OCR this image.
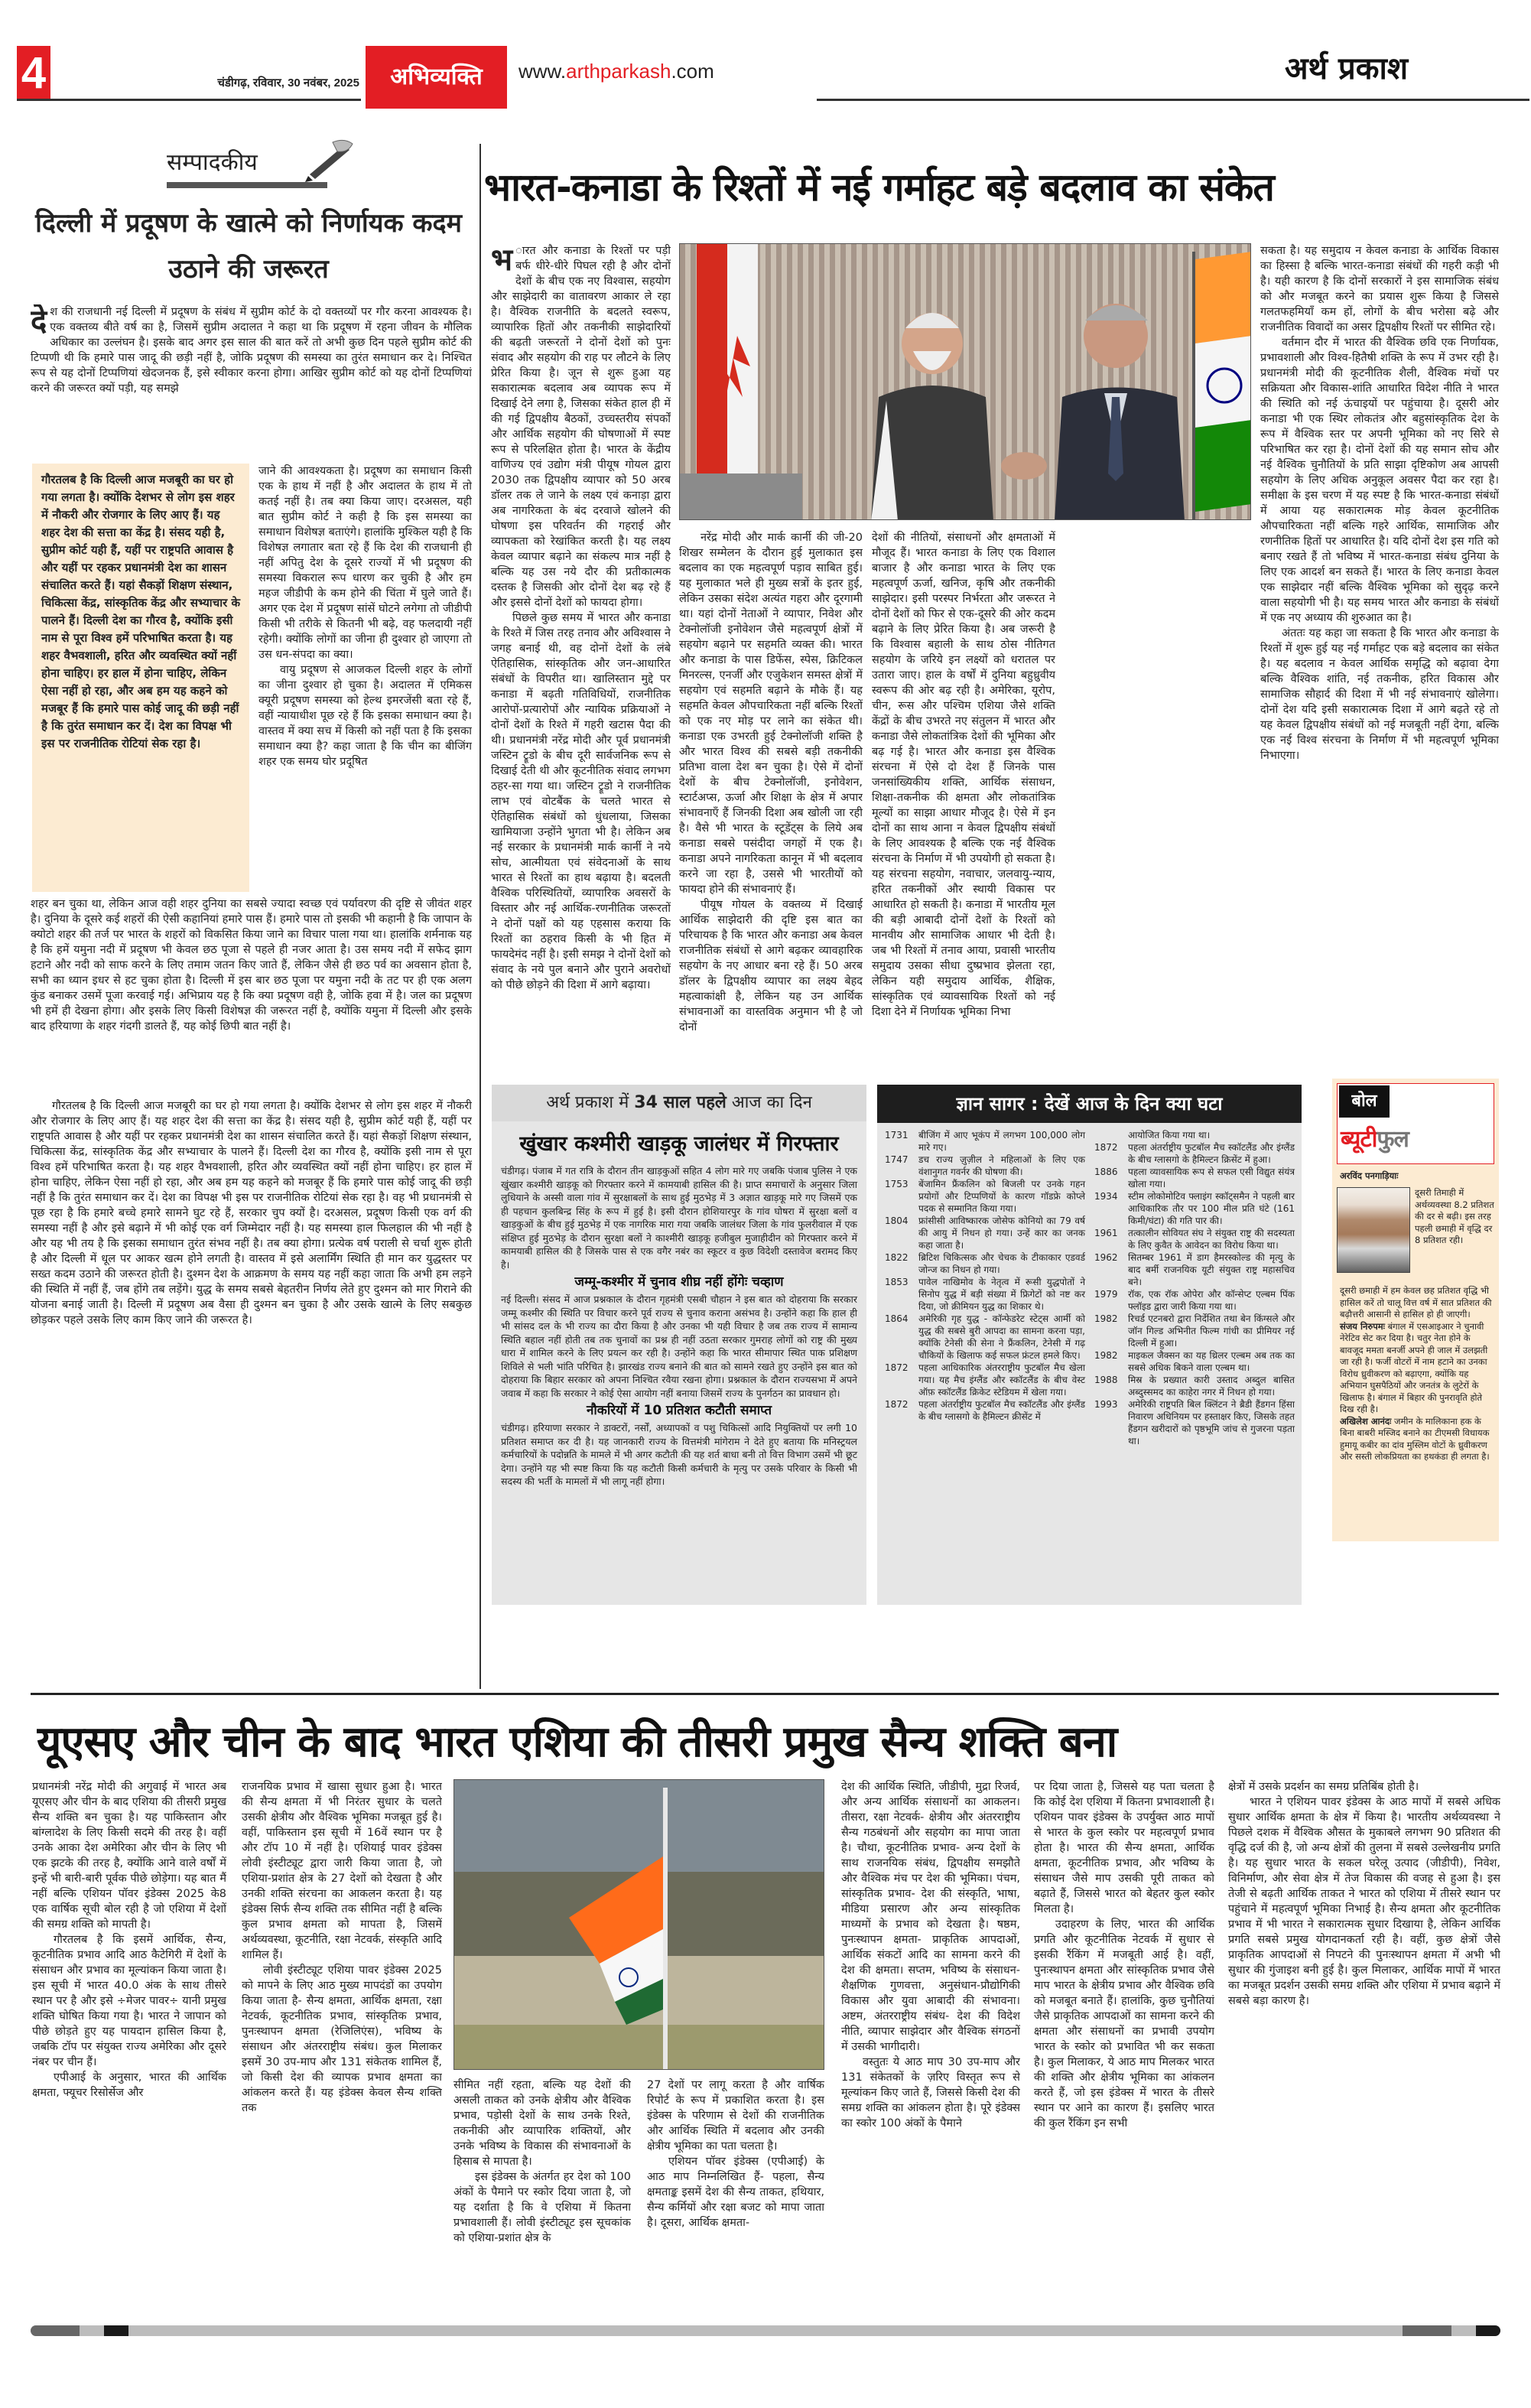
4	चंडीगढ़, रविवार, 30 नवंबर, 2025	अभिव्यक्ति	www.arthparkash.com	अर्थ प्रकाश
सम्पादकीय
दिल्ली में प्रदूषण के खात्मे को निर्णायक कदम उठाने की जरूरत
देश की राजधानी नई दिल्ली में प्रदूषण के संबंध में सुप्रीम कोर्ट के दो वक्तव्यों पर गौर करना आवश्यक है। एक वक्तव्य बीते वर्ष का है, जिसमें सुप्रीम अदालत ने कहा था कि प्रदूषण में रहना जीवन के मौलिक अधिकार का उल्लंघन है। इसके बाद अगर इस साल की बात करें तो अभी कुछ दिन पहले सुप्रीम कोर्ट की टिप्पणी थी कि हमारे पास जादू की छड़ी नहीं है, जोकि प्रदूषण की समस्या का तुरंत समाधान कर दे। निश्चित रूप से यह दोनों टिप्पणियां खेदजनक हैं, इसे स्वीकार करना होगा। आखिर सुप्रीम कोर्ट को यह दोनों टिप्पणियां करने की जरूरत क्यों पड़ी, यह समझे
गौरतलब है कि दिल्ली आज मजबूरी का घर हो गया लगता है। क्योंकि देशभर से लोग इस शहर में नौकरी और रोजगार के लिए आए हैं। यह शहर देश की सत्ता का केंद्र है। संसद यही है, सुप्रीम कोर्ट यही हैं, यहीं पर राष्ट्रपति आवास है और यहीं पर रहकर प्रधानमंत्री देश का शासन संचालित करते हैं। यहां सैकड़ों शिक्षण संस्थान, चिकित्सा केंद्र, सांस्कृतिक केंद्र और सभ्याचार के पालने हैं। दिल्ली देश का गौरव है, क्योंकि इसी नाम से पूरा विश्व हमें परिभाषित करता है। यह शहर वैभवशाली, हरित और व्यवस्थित क्यों नहीं होना चाहिए। हर हाल में होना चाहिए, लेकिन ऐसा नहीं हो रहा, और अब हम यह कहने को मजबूर हैं कि हमारे पास कोई जादू की छड़ी नहीं है कि तुरंत समाधान कर दें। देश का विपक्ष भी इस पर राजनीतिक रोटियां सेक रहा है।

जाने की आवश्यकता है। प्रदूषण का समाधान किसी एक के हाथ में नहीं है और अदालत के हाथ में तो कतई नहीं है। तब क्या किया जाए। दरअसल, यही बात सुप्रीम कोर्ट ने कही है कि इस समस्या का समाधान विशेषज्ञ बताएंगे। हालांकि मुश्किल यही है कि विशेषज्ञ लगातार बता रहे हैं कि देश की राजधानी ही नहीं अपितु देश के दूसरे राज्यों में भी प्रदूषण की समस्या विकराल रूप धारण कर चुकी है और हम महज जीडीपी के कम होने की चिंता में घुले जाते हैं। अगर एक देश में प्रदूषण सांसें घोटने लगेगा तो जीडीपी किसी भी तरीके से कितनी भी बढ़े, वह फलदायी नहीं रहेगी। क्योंकि लोगों का जीना ही दुश्वार हो जाएगा तो उस धन-संपदा का क्या।

वायु प्रदूषण से आजकल दिल्ली शहर के लोगों का जीना दुश्वार हो चुका है। अदालत में एमिकस क्यूरी प्रदूषण समस्या को हेल्थ इमरजेंसी बता रहे हैं, वहीं न्यायाधीश पूछ रहे हैं कि इसका समाधान क्या है। वास्तव में क्या सच में किसी को नहीं पता है कि इसका समाधान क्या है? कहा जाता है कि चीन का बीजिंग शहर एक समय घोर प्रदूषित

शहर बन चुका था, लेकिन आज वही शहर दुनिया का सबसे ज्यादा स्वच्छ एवं पर्यावरण की दृष्टि से जीवंत शहर है। दुनिया के दूसरे कई शहरों की ऐसी कहानियां हमारे पास हैं। हमारे पास तो इसकी भी कहानी है कि जापान के क्योटो शहर की तर्ज पर भारत के शहरों को विकसित किया जाने का विचार पाला गया था। हालांकि शर्मनाक यह है कि हमें यमुना नदी में प्रदूषण भी केवल छठ पूजा से पहले ही नजर आता है। उस समय नदी में सफेद झाग हटाने और नदी को साफ करने के लिए तमाम जतन किए जाते हैं, लेकिन जैसे ही छठ पर्व का अवसान होता है, सभी का ध्यान इधर से हट चुका होता है। दिल्ली में इस बार छठ पूजा पर यमुना नदी के तट पर ही एक अलग कुंड बनाकर उसमें पूजा करवाई गई। अभिप्राय यह है कि क्या प्रदूषण वही है, जोकि हवा में है। जल का प्रदूषण भी हमें ही देखना होगा। और इसके लिए किसी विशेषज्ञ की जरूरत नहीं है, क्योंकि यमुना में दिल्ली और इसके बाद हरियाणा के शहर गंदगी डालते हैं, यह कोई छिपी बात नहीं है।

गौरतलब है कि दिल्ली आज मजबूरी का घर हो गया लगता है। क्योंकि देशभर से लोग इस शहर में नौकरी और रोजगार के लिए आए हैं। यह शहर देश की सत्ता का केंद्र है। संसद यही है, सुप्रीम कोर्ट यही हैं, यहीं पर राष्ट्रपति आवास है और यहीं पर रहकर प्रधानमंत्री देश का शासन संचालित करते हैं। यहां सैकड़ों शिक्षण संस्थान, चिकित्सा केंद्र, सांस्कृतिक केंद्र और सभ्याचार के पालने हैं। दिल्ली देश का गौरव है, क्योंकि इसी नाम से पूरा विश्व हमें परिभाषित करता है। यह शहर वैभवशाली, हरित और व्यवस्थित क्यों नहीं होना चाहिए। हर हाल में होना चाहिए, लेकिन ऐसा नहीं हो रहा, और अब हम यह कहने को मजबूर हैं कि हमारे पास कोई जादू की छड़ी नहीं है कि तुरंत समाधान कर दें। देश का विपक्ष भी इस पर राजनीतिक रोटियां सेक रहा है। वह भी प्रधानमंत्री से पूछ रहा है कि हमारे बच्चे हमारे सामने घुट रहे हैं, सरकार चुप क्यों है। दरअसल, प्रदूषण किसी एक वर्ग की समस्या नहीं है और इसे बढ़ाने में भी कोई एक वर्ग जिम्मेदार नहीं है। यह समस्या हाल फिलहाल की भी नहीं है और यह भी तय है कि इसका समाधान तुरंत संभव नहीं है। तब क्या होगा। प्रत्येक वर्ष पराली से चर्चा शुरू होती है और दिल्ली में धूल पर आकर खत्म होने लगती है। वास्तव में इसे अलार्मिंग स्थिति ही मान कर युद्धस्तर पर सख्त कदम उठाने की जरूरत होती है। दुश्मन देश के आक्रमण के समय यह नहीं कहा जाता कि अभी हम लड़ने की स्थिति में नहीं हैं, जब होंगे तब लड़ेंगे। युद्ध के समय सबसे बेहतरीन निर्णय लेते हुए दुश्मन को मार गिराने की योजना बनाई जाती है। दिल्ली में प्रदूषण अब वैसा ही दुश्मन बन चुका है और उसके खात्मे के लिए सबकुछ छोड़कर पहले उसके लिए काम किए जाने की जरूरत है।

भारत-कनाडा के रिश्तों में नई गर्माहट बड़े बदलाव का संकेत

भ ारत और कनाडा के रिश्तों पर पड़ी बर्फ धीरे-धीरे पिघल रही है और दोनों देशों के बीच एक नए विश्वास, सहयोग और साझेदारी का वातावरण आकार ले रहा है। वैश्विक राजनीति के बदलते स्वरूप, व्यापारिक हितों और तकनीकी साझेदारियों की बढ़ती जरूरतों ने दोनों देशों को पुनः संवाद और सहयोग की राह पर लौटने के लिए प्रेरित किया है। जून से शुरू हुआ यह सकारात्मक बदलाव अब व्यापक रूप में दिखाई देने लगा है, जिसका संकेत हाल ही में की गई द्विपक्षीय बैठकों, उच्चस्तरीय संपर्कों और आर्थिक सहयोग की घोषणाओं में स्पष्ट रूप से परिलक्षित होता है। भारत के केंद्रीय वाणिज्य एवं उद्योग मंत्री पीयूष गोयल द्वारा 2030 तक द्विपक्षीय व्यापार को 50 अरब डॉलर तक ले जाने के लक्ष्य एवं कनाड़ा द्वारा अब नागरिकता के बंद दरवाजे खोलने की घोषणा इस परिवर्तन की गहराई और व्यापकता को रेखांकित करती है। यह लक्ष्य केवल व्यापार बढ़ाने का संकल्प मात्र नहीं है बल्कि यह उस नये दौर की प्रतीकात्मक दस्तक है जिसकी ओर दोनों देश बढ़ रहे हैं और इससे दोनों देशों को फायदा होगा।

पिछले कुछ समय में भारत और कनाडा के रिश्ते में जिस तरह तनाव और अविश्वास ने जगह बनाई थी, वह दोनों देशों के लंबे ऐतिहासिक, सांस्कृतिक और जन-आधारित संबंधों के विपरीत था। खालिस्तान मुद्दे पर कनाडा में बढ़ती गतिविधियों, राजनीतिक आरोपों-प्रत्यारोपों और न्यायिक प्रक्रियाओं ने दोनों देशों के रिश्ते में गहरी खटास पैदा की थी। प्रधानमंत्री नरेंद्र मोदी और पूर्व प्रधानमंत्री जस्टिन ट्रूडो के बीच दूरी सार्वजनिक रूप से दिखाई देती थी और कूटनीतिक संवाद लगभग ठहर-सा गया था। जस्टिन ट्रूडो ने राजनीतिक लाभ एवं वोटबैंक के चलते भारत से ऐतिहासिक संबंधों को धुंधलाया, जिसका खामियाजा उन्होंने भुगता भी है। लेकिन अब नई सरकार के प्रधानमंत्री मार्क कार्नी ने नये सोच, आत्मीयता एवं संवेदनाओं के साथ भारत से रिश्तों का हाथ बढ़ाया है। बदलती वैश्विक परिस्थितियों, व्यापारिक अवसरों के विस्तार और नई आर्थिक-रणनीतिक जरूरतों ने दोनों पक्षों को यह एहसास कराया कि रिश्तों का ठहराव किसी के भी हित में फायदेमंद नहीं है। इसी समझ ने दोनों देशों को संवाद के नये पुल बनाने और पुराने अवरोधों को पीछे छोड़ने की दिशा में आगे बढ़ाया।

नरेंद्र मोदी और मार्क कार्नी की जी-20 शिखर सम्मेलन के दौरान हुई मुलाकात इस बदलाव का एक महत्वपूर्ण पड़ाव साबित हुई। यह मुलाकात भले ही मुख्य सत्रों के इतर हुई, लेकिन उसका संदेश अत्यंत गहरा और दूरगामी था। यहां दोनों नेताओं ने व्यापार, निवेश और टेक्नोलॉजी इनोवेशन जैसे महत्वपूर्ण क्षेत्रों में सहयोग बढ़ाने पर सहमति व्यक्त की। भारत और कनाडा के पास डिफेंस, स्पेस, क्रिटिकल मिनरल्स, एनर्जी और एजुकेशन समस्त क्षेत्रों में सहयोग एवं सहमति बढ़ाने के मौके हैं। यह सहमति केवल औपचारिकता नहीं बल्कि रिश्तों को एक नए मोड़ पर लाने का संकेत थी। कनाडा एक उभरती हुई टेक्नोलॉजी शक्ति है और भारत विश्व की सबसे बड़ी तकनीकी प्रतिभा वाला देश बन चुका है। ऐसे में दोनों देशों के बीच टेक्नोलॉजी, इनोवेशन, स्टार्टअप्स, ऊर्जा और शिक्षा के क्षेत्र में अपार संभावनाएँ हैं जिनकी दिशा अब खोली जा रही है। वैसे भी भारत के स्टूडेंट्स के लिये अब कनाडा सबसे पसंदीदा जगहों में एक है। कनाडा अपने नागरिकता कानून में भी बदलाव करने जा रहा है, उससे भी भारतीयों को फायदा होने की संभावनाएं हैं।

पीयूष गोयल के वक्तव्य में दिखाई आर्थिक साझेदारी की दृष्टि इस बात का परिचायक है कि भारत और कनाडा अब केवल राजनीतिक संबंधों से आगे बढ़कर व्यावहारिक सहयोग के नए आधार बना रहे हैं। 50 अरब डॉलर के द्विपक्षीय व्यापार का लक्ष्य बेहद महत्वाकांक्षी है, लेकिन यह उन आर्थिक संभावनाओं का वास्तविक अनुमान भी है जो दोनों

देशों की नीतियों, संसाधनों और क्षमताओं में मौजूद हैं। भारत कनाडा के लिए एक विशाल बाजार है और कनाडा भारत के लिए एक महत्वपूर्ण ऊर्जा, खनिज, कृषि और तकनीकी साझेदार। इसी परस्पर निर्भरता और जरूरत ने दोनों देशों को फिर से एक-दूसरे की ओर कदम बढ़ाने के लिए प्रेरित किया है। अब जरूरी है कि विश्वास बहाली के साथ ठोस नीतिगत सहयोग के जरिये इन लक्ष्यों को धरातल पर उतारा जाए। हाल के वर्षों में दुनिया बहुध्रुवीय स्वरूप की ओर बढ़ रही है। अमेरिका, यूरोप, चीन, रूस और पश्चिम एशिया जैसे शक्ति केंद्रों के बीच उभरते नए संतुलन में भारत और कनाडा जैसे लोकतांत्रिक देशों की भूमिका और बढ़ गई है। भारत और कनाडा इस वैश्विक संरचना में ऐसे दो देश हैं जिनके पास जनसांख्यिकीय शक्ति, आर्थिक संसाधन, शिक्षा-तकनीक की क्षमता और लोकतांत्रिक मूल्यों का साझा आधार मौजूद है। ऐसे में इन दोनों का साथ आना न केवल द्विपक्षीय संबंधों के लिए आवश्यक है बल्कि एक नई वैश्विक संरचना के निर्माण में भी उपयोगी हो सकता है। यह संरचना सहयोग, नवाचार, जलवायु-न्याय, हरित तकनीकों और स्थायी विकास पर आधारित हो सकती है। कनाडा में भारतीय मूल की बड़ी आबादी दोनों देशों के रिश्तों को मानवीय और सामाजिक आधार भी देती है। जब भी रिश्तों में तनाव आया, प्रवासी भारतीय समुदाय उसका सीधा दुष्प्रभाव झेलता रहा, लेकिन यही समुदाय आर्थिक, शैक्षिक, सांस्कृतिक एवं व्यावसायिक रिश्तों को नई दिशा देने में निर्णायक भूमिका निभा

सकता है। यह समुदाय न केवल कनाडा के आर्थिक विकास का हिस्सा है बल्कि भारत-कनाडा संबंधों की गहरी कड़ी भी है। यही कारण है कि दोनों सरकारों ने इस सामाजिक संबंध को और मजबूत करने का प्रयास शुरू किया है जिससे गलतफहमियाँ कम हों, लोगों के बीच भरोसा बढ़े और राजनीतिक विवादों का असर द्विपक्षीय रिश्तों पर सीमित रहे।

वर्तमान दौर में भारत की वैश्विक छवि एक निर्णायक, प्रभावशाली और विश्व-हितैषी शक्ति के रूप में उभर रही है। प्रधानमंत्री मोदी की कूटनीतिक शैली, वैश्विक मंचों पर सक्रियता और विकास-शांति आधारित विदेश नीति ने भारत की स्थिति को नई ऊंचाइयों पर पहुंचाया है। दूसरी ओर कनाडा भी एक स्थिर लोकतंत्र और बहुसांस्कृतिक देश के रूप में वैश्विक स्तर पर अपनी भूमिका को नए सिरे से परिभाषित कर रहा है। दोनों देशों की यह समान सोच और नई वैश्विक चुनौतियों के प्रति साझा दृष्टिकोण अब आपसी सहयोग के लिए अधिक अनुकूल अवसर पैदा कर रहा है। समीक्षा के इस चरण में यह स्पष्ट है कि भारत-कनाडा संबंधों में आया यह सकारात्मक मोड़ केवल कूटनीतिक औपचारिकता नहीं बल्कि गहरे आर्थिक, सामाजिक और रणनीतिक हितों पर आधारित है। यदि दोनों देश इस गति को बनाए रखते हैं तो भविष्य में भारत-कनाडा संबंध दुनिया के लिए एक आदर्श बन सकते हैं। भारत के लिए कनाडा केवल एक साझेदार नहीं बल्कि वैश्विक भूमिका को सुदृढ़ करने वाला सहयोगी भी है। यह समय भारत और कनाडा के संबंधों में एक नए अध्याय की शुरुआत का है।

अंततः यह कहा जा सकता है कि भारत और कनाडा के रिश्तों में शुरू हुई यह नई गर्माहट एक बड़े बदलाव का संकेत है। यह बदलाव न केवल आर्थिक समृद्धि को बढ़ावा देगा बल्कि वैश्विक शांति, नई तकनीक, हरित विकास और सामाजिक सौहार्द की दिशा में भी नई संभावनाएं खोलेगा। दोनों देश यदि इसी सकारात्मक दिशा में आगे बढ़ते रहे तो यह केवल द्विपक्षीय संबंधों को नई मजबूती नहीं देगा, बल्कि एक नई विश्व संरचना के निर्माण में भी महत्वपूर्ण भूमिका निभाएगा।

अर्थ प्रकाश में 34 साल पहले आज का दिन
खुंखार कश्मीरी खाड़कू जालंधर में गिरफ्तार

चंडीगढ़। पंजाब में गत रात्रि के दौरान तीन खाड़कुओं सहित 4 लोग मारे गए जबकि पंजाब पुलिस ने एक खुंखार कश्मीरी खाड़कू को गिरफ्तार करने में कामयाबी हासिल की है। प्राप्त समाचारों के अनुसार जिला लुधियाने के अस्सी वाला गांव में सुरक्षाबलों के साथ हुई मुठभेड़ में 3 अज्ञात खाड़कू मारे गए जिसमें एक ही पहचान कुलबिन्द्र सिंह के रूप में हुई है। इसी दौरान होशियारपुर के गांव घोषरा में सुरक्षा बलों व खाड़कुओं के बीच हुई मुठभेड़ में एक नागरिक मारा गया जबकि जालंधर जिला के गांव फुलरीवाल में एक संक्षिप्त हुई मुठभेड़ के दौरान सुरक्षा बलों ने काश्मीरी खाड़कू हजीबुल मुजाहीदीन को गिरफ्तार करने में कामयाबी हासिल की है जिसके पास से एक वगैर नबंर का स्कूटर व कुछ विदेशी दस्तावेज बरामद किए है।

जम्मू-कश्मीर में चुनाव शीघ्र नहीं होंगेः चव्हाण

नई दिल्ली। संसद में आज प्रश्नकाल के दौरान गृहमंत्री एसबी चौहान ने इस बात को दोहराया कि सरकार जम्मू कश्मीर की स्थिति पर विचार करने पूर्व राज्य से चुनाव कराना असंभव है। उन्होंने कहा कि हाल ही भी सांसद दल के भी राज्य का दौरा किया है और उनका भी यही विचार है जब तक राज्य में सामान्य स्थिति बहाल नहीं होती तब तक चुनावों का प्रश्न ही नहीं उठता सरकार गुमराह लोगों को राष्ट्र की मुख्य धारा में शामिल करने के लिए प्रयत्न कर रही है। उन्होंने कहा कि भारत सीमापार स्थित पाक प्रशिक्षण शिविले से भली भांति परिचित है। झारखंड राज्य बनाने की बात को सामने रखते हुए उन्होंने इस बात को दोहराया कि बिहार सरकार को अपना निश्चित रवैया रखना होगा। प्रश्नकाल के दौरान राज्यसभा में अपने जवाब में कहा कि सरकार ने कोई ऐसा आयोग नहीं बनाया जिसमें राज्य के पुनर्गठन का प्रावधान हो।

नौकरियों में 10 प्रतिशत कटौती समाप्त

चंडीगढ़। हरियाणा सरकार ने डाक्टरों, नर्सों, अध्यापकों व पशु चिकित्सों आदि नियुक्तियों पर लगी 10 प्रतिशत समाप्त कर दी है। यह जानकारी राज्य के वित्तमंत्री मांगेराम ने देते हुए बताया कि मनिस्ट्रयल कर्मचारियों के पदोन्नति के मामले में भी अगर कटौती की यह शर्त बाधा बनी तो वित्त विभाग उसमें भी छूट देगा। उन्होंने यह भी स्पष्ट किया कि यह कटौती किसी कर्मचारी के मृत्यु पर उसके परिवार के किसी भी सदस्य की भर्ती के मामलों में भी लागू नहीं होगा।

ज्ञान सागर : देखें आज के दिन क्या घटा
1731	बीजिंग में आए भूकंप में लगभग 100,000 लोग मारे गए।
1747	डच राज्य ज़ुज़ील ने महिलाओं के लिए एक वंशानुगत गवर्नर की घोषणा की।
1753	बेंजामिन फ्रैंकलिन को बिजली पर उनके गहन प्रयोगों और टिप्पणियों के कारण गॉडफ्रे कोप्ले पदक से सम्मानित किया गया।
1804	फ्रांसीसी आविष्कारक जोसेफ कोनियो का 79 वर्ष की आयु में निधन हो गया। उन्हें कार का जनक कहा जाता है।
1822	ब्रिटिश चिकित्सक और चेचक के टीकाकार एडवर्ड जोन्ज का निधन हो गया।
1853	पावेल नाखिमोव के नेतृत्व में रूसी युद्धपोतों ने सिनोप युद्ध में बड़ी संख्या में फ्रिगेटों को नष्ट कर दिया, जो क्रीमियन युद्ध का शिकार थे।
1864	अमेरिकी गृह युद्ध - कॉन्फेडरेट स्टेट्स आर्मी को युद्ध की सबसे बुरी आपदा का सामना करना पड़ा, क्योंकि टेनेसी की सेना ने फ्रैंकलिन, टेनेसी में गढ़ चौकियों के खिलाफ कई सफल फ्रंटल हमले किए।
1872	पहला आधिकारिक अंतरराष्ट्रीय फुटबॉल मैच खेला गया। यह मैच इंग्लैंड और स्कॉटलैंड के बीच वेस्ट ऑफ़ स्कॉटलैंड क्रिकेट स्टेडियम में खेला गया।
1872	पहला अंतर्राष्ट्रीय फुटबॉल मैच स्कॉटलैंड और इंग्लैंड के बीच ग्लासगो के हैमिल्टन क्रीसेंट में
आयोजित किया गया था।
1872	पहला अंतर्राष्ट्रीय फुटबॉल मैच स्कॉटलैंड और इंग्लैंड के बीच ग्लासगो के हैमिल्टन क्रिसेंट में हुआ।
1886	पहला व्यावसायिक रूप से सफल एसी विद्युत संयंत्र खोला गया।
1934	स्टीम लोकोमोटिव फ्लाइंग स्कॉट्समैन ने पहली बार आधिकारिक तौर पर 100 मील प्रति घंटे (161 किमी/घंटा) की गति पार की।
1961	तत्कालीन सोवियत संघ ने संयुक्त राष्ट्र की सदस्यता के लिए कुवैत के आवेदन का विरोध किया था।
1962	सितम्बर 1961 में डाग हैमरस्कोल्ड की मृत्यु के बाद बर्मी राजनयिक यूटी संयुक्त राष्ट्र महासचिव बने।
1979	रॉक, एक रॉक ओपेरा और कॉन्सेप्ट एल्बम पिंक फ्लॉइड द्वारा जारी किया गया था।
1982	रिचर्ड एटनबरो द्वारा निर्देशित तथा बेन किंग्सले और जॉन गिल्ड अभिनीत फिल्म गांधी का प्रीमियर नई दिल्ली में हुआ।
1982	माइकल जैक्सन का यह थ्रिलर एल्बम अब तक का सबसे अधिक बिकने वाला एल्बम था।
1988	मिस्र के प्रख्यात कारी उस्ताद अब्दुल बासित अब्दुस्समद का काहेरा नगर में निधन हो गया।
1993	अमेरिकी राष्ट्रपति बिल क्लिंटन ने ब्रैडी हैंडगन हिंसा निवारण अधिनियम पर हस्ताक्षर किए, जिसके तहत हैंडगन खरीदारों को पृष्ठभूमि जांच से गुजरना पड़ता था।
बोल
ब्यूटीफुल
अरविंद पनगाड़ियाः
दूसरी तिमाही में अर्थव्यवस्था 8.2 प्रतिशत की दर से बढ़ी। इस तरह पहली छमाही में वृद्धि दर 8 प्रतिशत रही।
दूसरी छमाही में हम केवल छह प्रतिशत वृद्धि भी हासिल करें तो चालू वित्त वर्ष में सात प्रतिशत की बढ़ौत्तरी आसानी से हासिल हो ही जाएगी।
संजय निरुपमः बंगाल में एसआइआर ने चुनावी नेरेटिव सेट कर दिया है। चतुर नेता होने के बावजूद ममता बनर्जी अपने ही जाल में उलझती जा रही है। फर्जी वोटरों में नाम हटाने का उनका विरोध ध्रुवीकरण को बढ़ाएगा, क्योंकि यह अभियान घुसपैठियों और जनतंत्र के लुटेरों के खिलाफ है। बंगाल में बिहार की पुनरावृति होते दिख रही है।
अखिलेश आनंदः जमीन के मालिकाना हक के बिना बाबरी मस्जिद बनाने का टीएमसी विधायक हुमायू कबीर का दांव मुस्लिम वोटों के ध्रुवीकरण और सस्ती लोकप्रियता का हथकंडा ही लगता है।
यूएसए और चीन के बाद भारत एशिया की तीसरी प्रमुख सैन्य शक्ति बना

प्रधानमंत्री नरेंद्र मोदी की अगुवाई में भारत अब यूएसए और चीन के बाद एशिया की तीसरी प्रमुख सैन्य शक्ति बन चुका है। यह पाकिस्तान और बांग्लादेश के लिए किसी सदमे की तरह है। वहीं उनके आका देश अमेरिका और चीन के लिए भी एक झटके की तरह है, क्योंकि आने वाले वर्षों में इन्हें भी बारी-बारी पूर्वक पीछे छोड़ेगा। यह बात मैं नहीं बल्कि एशियन पॉवर इंडेक्स 2025 के8 एक वार्षिक सूची बोल रही है जो एशिया में देशों की समग्र शक्ति को मापती है।

गौरतलब है कि इसमें आर्थिक, सैन्य, कूटनीतिक प्रभाव आदि आठ कैटेगिरी में देशों के संसाधन और प्रभाव का मूल्यांकन किया जाता है। इस सूची में भारत 40.0 अंक के साथ तीसरे स्थान पर है और इसे ÷मेजर पावर÷ यानी प्रमुख शक्ति घोषित किया गया है। भारत ने जापान को पीछे छोड़ते हुए यह पायदान हासिल किया है, जबकि टॉप पर संयुक्त राज्य अमेरिका और दूसरे नंबर पर चीन हैं।

एपीआई के अनुसार, भारत की आर्थिक क्षमता, फ्यूचर रिसोर्सेज और

राजनयिक प्रभाव में खासा सुधार हुआ है। भारत की सैन्य क्षमता में भी निरंतर सुधार के चलते उसकी क्षेत्रीय और वैश्विक भूमिका मजबूत हुई है। वहीं, पाकिस्तान इस सूची में 16वें स्थान पर है और टॉप 10 में नहीं है। एशियाई पावर इंडेक्स लोवी इंस्टीट्यूट द्वारा जारी किया जाता है, जो एशिया-प्रशांत क्षेत्र के 27 देशों को देखता है और उनकी शक्ति संरचना का आकलन करता है। यह इंडेक्स सिर्फ सैन्य शक्ति तक सीमित नहीं है बल्कि कुल प्रभाव क्षमता को मापता है, जिसमें अर्थव्यवस्था, कूटनीति, रक्षा नेटवर्क, संस्कृति आदि शामिल हैं।

लोवी इंस्टीट्यूट एशिया पावर इंडेक्स 2025 को मापने के लिए आठ मुख्य मापदंडों का उपयोग किया जाता है- सैन्य क्षमता, आर्थिक क्षमता, रक्षा नेटवर्क, कूटनीतिक प्रभाव, सांस्कृतिक प्रभाव, पुनःस्थापन क्षमता (रेजिलिएंस), भविष्य के संसाधन और अंतरराष्ट्रीय संबंध। कुल मिलाकर इसमें 30 उप-माप और 131 संकेतक शामिल हैं, जो किसी देश की व्यापक प्रभाव क्षमता का आंकलन करते हैं। यह इंडेक्स केवल सैन्य शक्ति तक

सीमित नहीं रहता, बल्कि यह देशों की असली ताकत को उनके क्षेत्रीय और वैश्विक प्रभाव, पड़ोसी देशों के साथ उनके रिश्ते, तकनीकी और व्यापारिक शक्तियों, और उनके भविष्य के विकास की संभावनाओं के हिसाब से मापता है।

इस इंडेक्स के अंतर्गत हर देश को 100 अंकों के पैमाने पर स्कोर दिया जाता है, जो यह दर्शाता है कि वे एशिया में कितना प्रभावशाली हैं। लोवी इंस्टीट्यूट इस सूचकांक को एशिया-प्रशांत क्षेत्र के

27 देशों पर लागू करता है और वार्षिक रिपोर्ट के रूप में प्रकाशित करता है। इस इंडेक्स के परिणाम से देशों की राजनीतिक और आर्थिक स्थिति में बदलाव और उनकी क्षेत्रीय भूमिका का पता चलता है।

एशियन पॉवर इंडेक्स (एपीआई) के आठ माप निम्नलिखित हैं- पहला, सैन्य क्षमताङ्क इसमें देश की सैन्य ताकत, हथियार, सैन्य कर्मियों और रक्षा बजट को मापा जाता है। दूसरा, आर्थिक क्षमता-

देश की आर्थिक स्थिति, जीडीपी, मुद्रा रिजर्व, और अन्य आर्थिक संसाधनों का आकलन। तीसरा, रक्षा नेटवर्क- क्षेत्रीय और अंतरराष्ट्रीय सैन्य गठबंधनों और सहयोग का मापा जाता है। चौथा, कूटनीतिक प्रभाव- अन्य देशों के साथ राजनयिक संबंध, द्विपक्षीय समझौते और वैश्विक मंच पर देश की भूमिका। पंचम, सांस्कृतिक प्रभाव- देश की संस्कृति, भाषा, मीडिया प्रसारण और अन्य सांस्कृतिक माध्यमों के प्रभाव को देखता है। षष्ठम, पुनःस्थापन क्षमता- प्राकृतिक आपदाओं, आर्थिक संकटों आदि का सामना करने की देश की क्षमता। सप्तम, भविष्य के संसाधन- शैक्षणिक गुणवत्ता, अनुसंधान-प्रौद्योगिकी विकास और युवा आबादी की संभावना। अष्टम, अंतरराष्ट्रीय संबंध- देश की विदेश नीति, व्यापार साझेदार और वैश्विक संगठनों में उसकी भागीदारी।

वस्तुतः ये आठ माप 30 उप-माप और 131 संकेतकों के ज़रिए विस्तृत रूप से मूल्यांकन किए जाते हैं, जिससे किसी देश की समग्र शक्ति का आंकलन होता है। पूरे इंडेक्स का स्कोर 100 अंकों के पैमाने

पर दिया जाता है, जिससे यह पता चलता है कि कोई देश एशिया में कितना प्रभावशाली है। एशियन पावर इंडेक्स के उपर्युक्त आठ मापों से भारत के कुल स्कोर पर महत्वपूर्ण प्रभाव होता है। भारत की सैन्य क्षमता, आर्थिक क्षमता, कूटनीतिक प्रभाव, और भविष्य के संसाधन जैसे माप उसकी पूरी ताकत को बढ़ाते हैं, जिससे भारत को बेहतर कुल स्कोर मिलता है।

उदाहरण के लिए, भारत की आर्थिक प्रगति और कूटनीतिक नेटवर्क में सुधार से इसकी रैंकिंग में मजबूती आई है। वहीं, पुनःस्थापन क्षमता और सांस्कृतिक प्रभाव जैसे माप भारत के क्षेत्रीय प्रभाव और वैश्विक छवि को मजबूत बनाते हैं। हालांकि, कुछ चुनौतियां जैसे प्राकृतिक आपदाओं का सामना करने की क्षमता और संसाधनों का प्रभावी उपयोग भारत के स्कोर को प्रभावित भी कर सकता है। कुल मिलाकर, ये आठ माप मिलकर भारत की शक्ति और क्षेत्रीय भूमिका का आंकलन करते हैं, जो इस इंडेक्स में भारत के तीसरे स्थान पर आने का कारण हैं। इसलिए भारत की कुल रैंकिंग इन सभी

क्षेत्रों में उसके प्रदर्शन का समग्र प्रतिबिंब होती है।

भारत ने एशियन पावर इंडेक्स के आठ मापों में सबसे अधिक सुधार आर्थिक क्षमता के क्षेत्र में किया है। भारतीय अर्थव्यवस्था ने पिछले दशक में वैश्विक औसत के मुकाबले लगभग 90 प्रतिशत की वृद्धि दर्ज की है, जो अन्य क्षेत्रों की तुलना में सबसे उल्लेखनीय प्रगति है। यह सुधार भारत के सकल घरेलू उत्पाद (जीडीपी), निवेश, विनिर्माण, और सेवा क्षेत्र में तेज विकास की वजह से हुआ है। इस तेजी से बढ़ती आर्थिक ताकत ने भारत को एशिया में तीसरे स्थान पर पहुंचाने में महत्वपूर्ण भूमिका निभाई है। सैन्य क्षमता और कूटनीतिक प्रभाव में भी भारत ने सकारात्मक सुधार दिखाया है, लेकिन आर्थिक प्रगति सबसे प्रमुख योगदानकर्ता रही है। वहीं, कुछ क्षेत्रों जैसे प्राकृतिक आपदाओं से निपटने की पुनःस्थापन क्षमता में अभी भी सुधार की गुंजाइश बनी हुई है। कुल मिलाकर, आर्थिक मापों में भारत का मजबूत प्रदर्शन उसकी समग्र शक्ति और एशिया में प्रभाव बढ़ाने में सबसे बड़ा कारण है।
